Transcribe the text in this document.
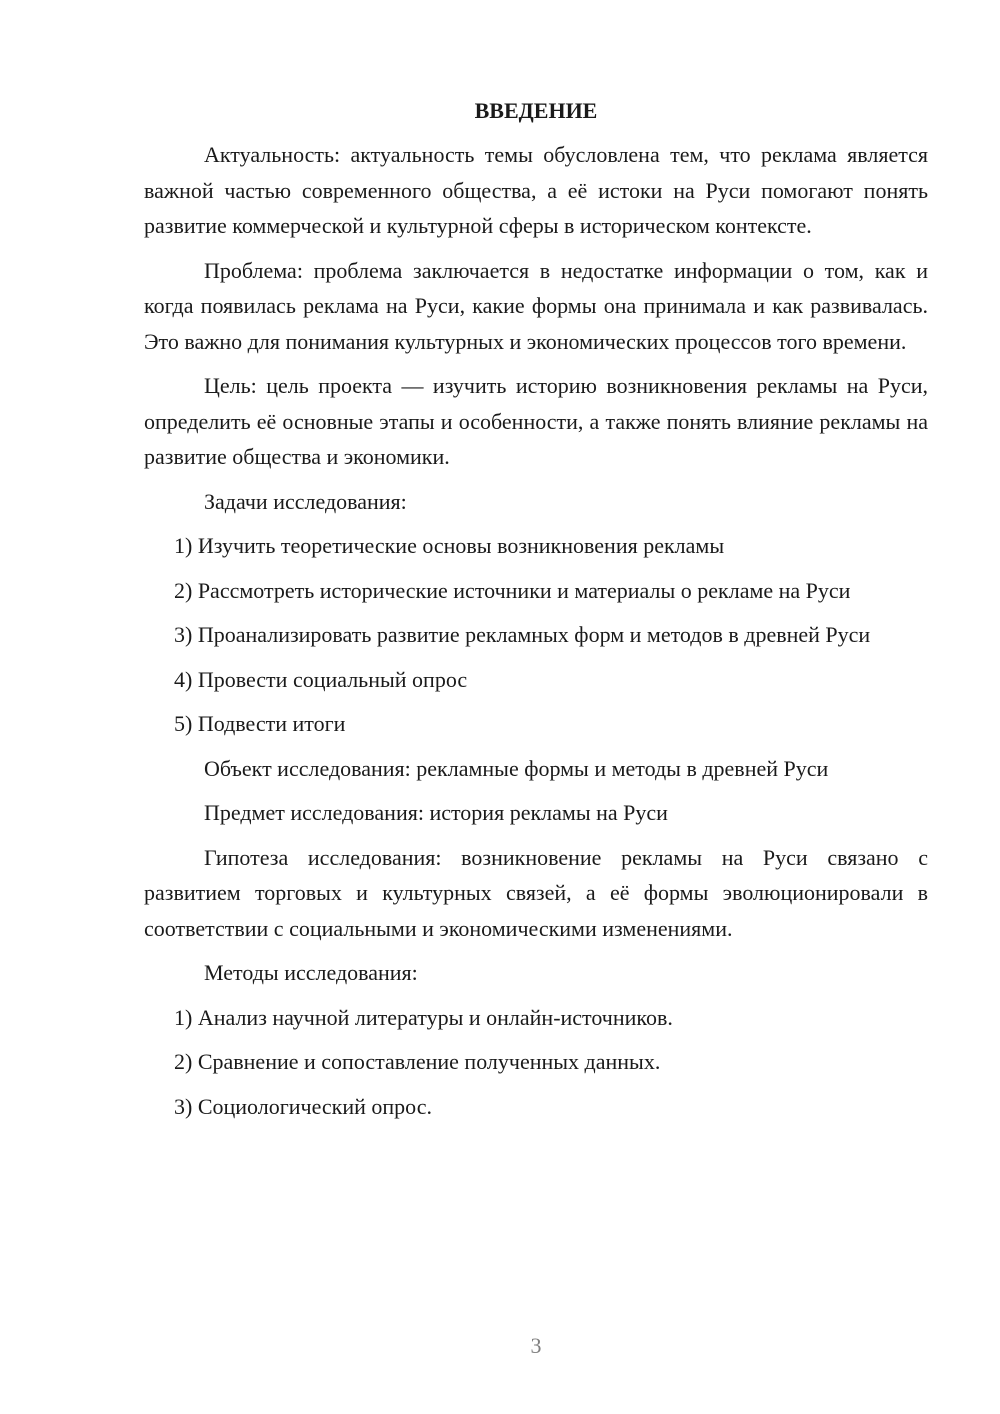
ВВЕДЕНИЕ
Актуальность: актуальность темы обусловлена тем, что реклама является важной частью современного общества, а её истоки на Руси помогают понять развитие коммерческой и культурной сферы в историческом контексте.
Проблема: проблема заключается в недостатке информации о том, как и когда появилась реклама на Руси, какие формы она принимала и как развивалась. Это важно для понимания культурных и экономических процессов того времени.
Цель: цель проекта — изучить историю возникновения рекламы на Руси, определить её основные этапы и особенности, а также понять влияние рекламы на развитие общества и экономики.
Задачи исследования:
1) Изучить теоретические основы возникновения рекламы
2) Рассмотреть исторические источники и материалы о рекламе на Руси
3) Проанализировать развитие рекламных форм и методов в древней Руси
4) Провести социальный опрос
5) Подвести итоги
Объект исследования: рекламные формы и методы в древней Руси
Предмет исследования: история рекламы на Руси
Гипотеза исследования: возникновение рекламы на Руси связано с развитием торговых и культурных связей, а её формы эволюционировали в соответствии с социальными и экономическими изменениями.
Методы исследования:
1) Анализ научной литературы и онлайн-источников.
2) Сравнение и сопоставление полученных данных.
3) Социологический опрос.
3
